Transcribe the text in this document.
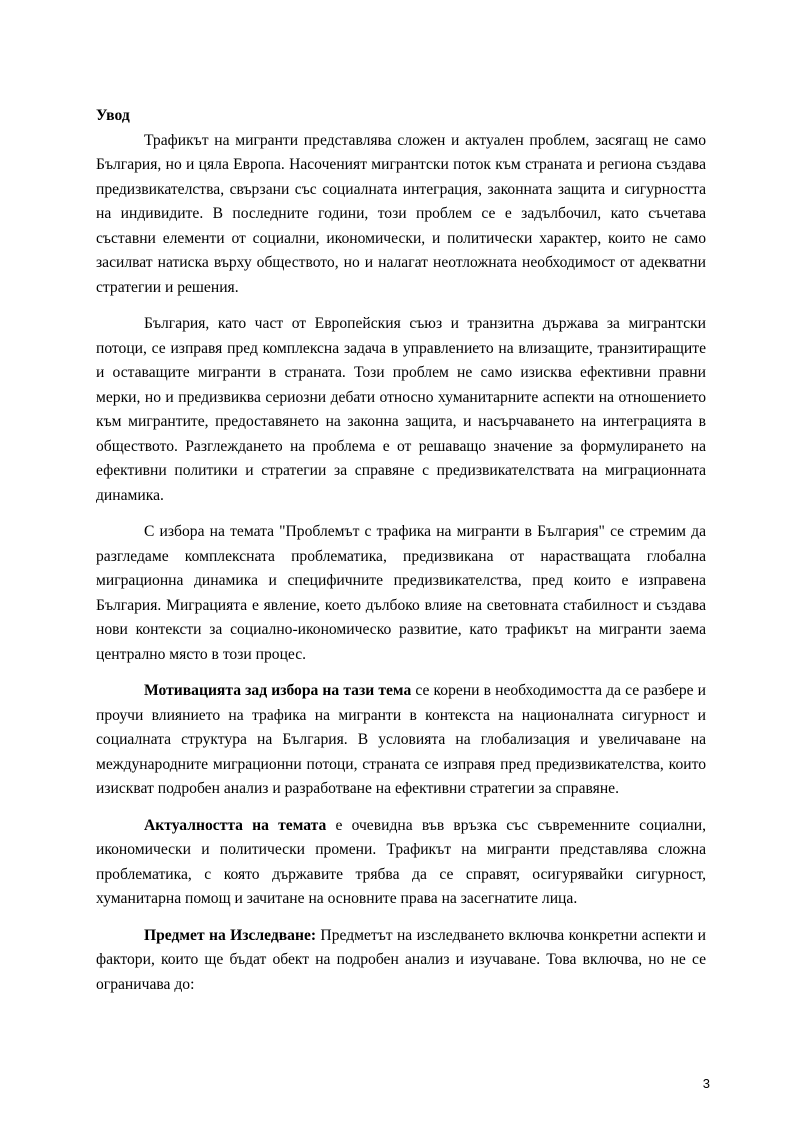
Увод

Трафикът на мигранти представлява сложен и актуален проблем, засягащ не само България, но и цяла Европа. Насоченият мигрантски поток към страната и региона създава предизвикателства, свързани със социалната интеграция, законната защита и сигурността на индивидите. В последните години, този проблем се е задълбочил, като съчетава съставни елементи от социални, икономически, и политически характер, които не само засилват натиска върху обществото, но и налагат неотложната необходимост от адекватни стратегии и решения.

България, като част от Европейския съюз и транзитна държава за мигрантски потоци, се изправя пред комплексна задача в управлението на влизащите, транзитиращите и оставащите мигранти в страната. Този проблем не само изисква ефективни правни мерки, но и предизвиква сериозни дебати относно хуманитарните аспекти на отношението към мигрантите, предоставянето на законна защита, и насърчаването на интеграцията в обществото. Разглеждането на проблема е от решаващо значение за формулирането на ефективни политики и стратегии за справяне с предизвикателствата на миграционната динамика.

С избора на темата "Проблемът с трафика на мигранти в България" се стремим да разгледаме комплексната проблематика, предизвикана от нарастващата глобална миграционна динамика и специфичните предизвикателства, пред които е изправена България. Миграцията е явление, което дълбоко влияе на световната стабилност и създава нови контексти за социално-икономическо развитие, като трафикът на мигранти заема централно място в този процес.

Мотивацията зад избора на тази тема се корени в необходимостта да се разбере и проучи влиянието на трафика на мигранти в контекста на националната сигурност и социалната структура на България. В условията на глобализация и увеличаване на международните миграционни потоци, страната се изправя пред предизвикателства, които изискват подробен анализ и разработване на ефективни стратегии за справяне.

Актуалността на темата е очевидна във връзка със съвременните социални, икономически и политически промени. Трафикът на мигранти представлява сложна проблематика, с която държавите трябва да се справят, осигурявайки сигурност, хуманитарна помощ и зачитане на основните права на засегнатите лица.

Предмет на Изследване: Предметът на изследването включва конкретни аспекти и фактори, които ще бъдат обект на подробен анализ и изучаване. Това включва, но не се ограничава до:

3
